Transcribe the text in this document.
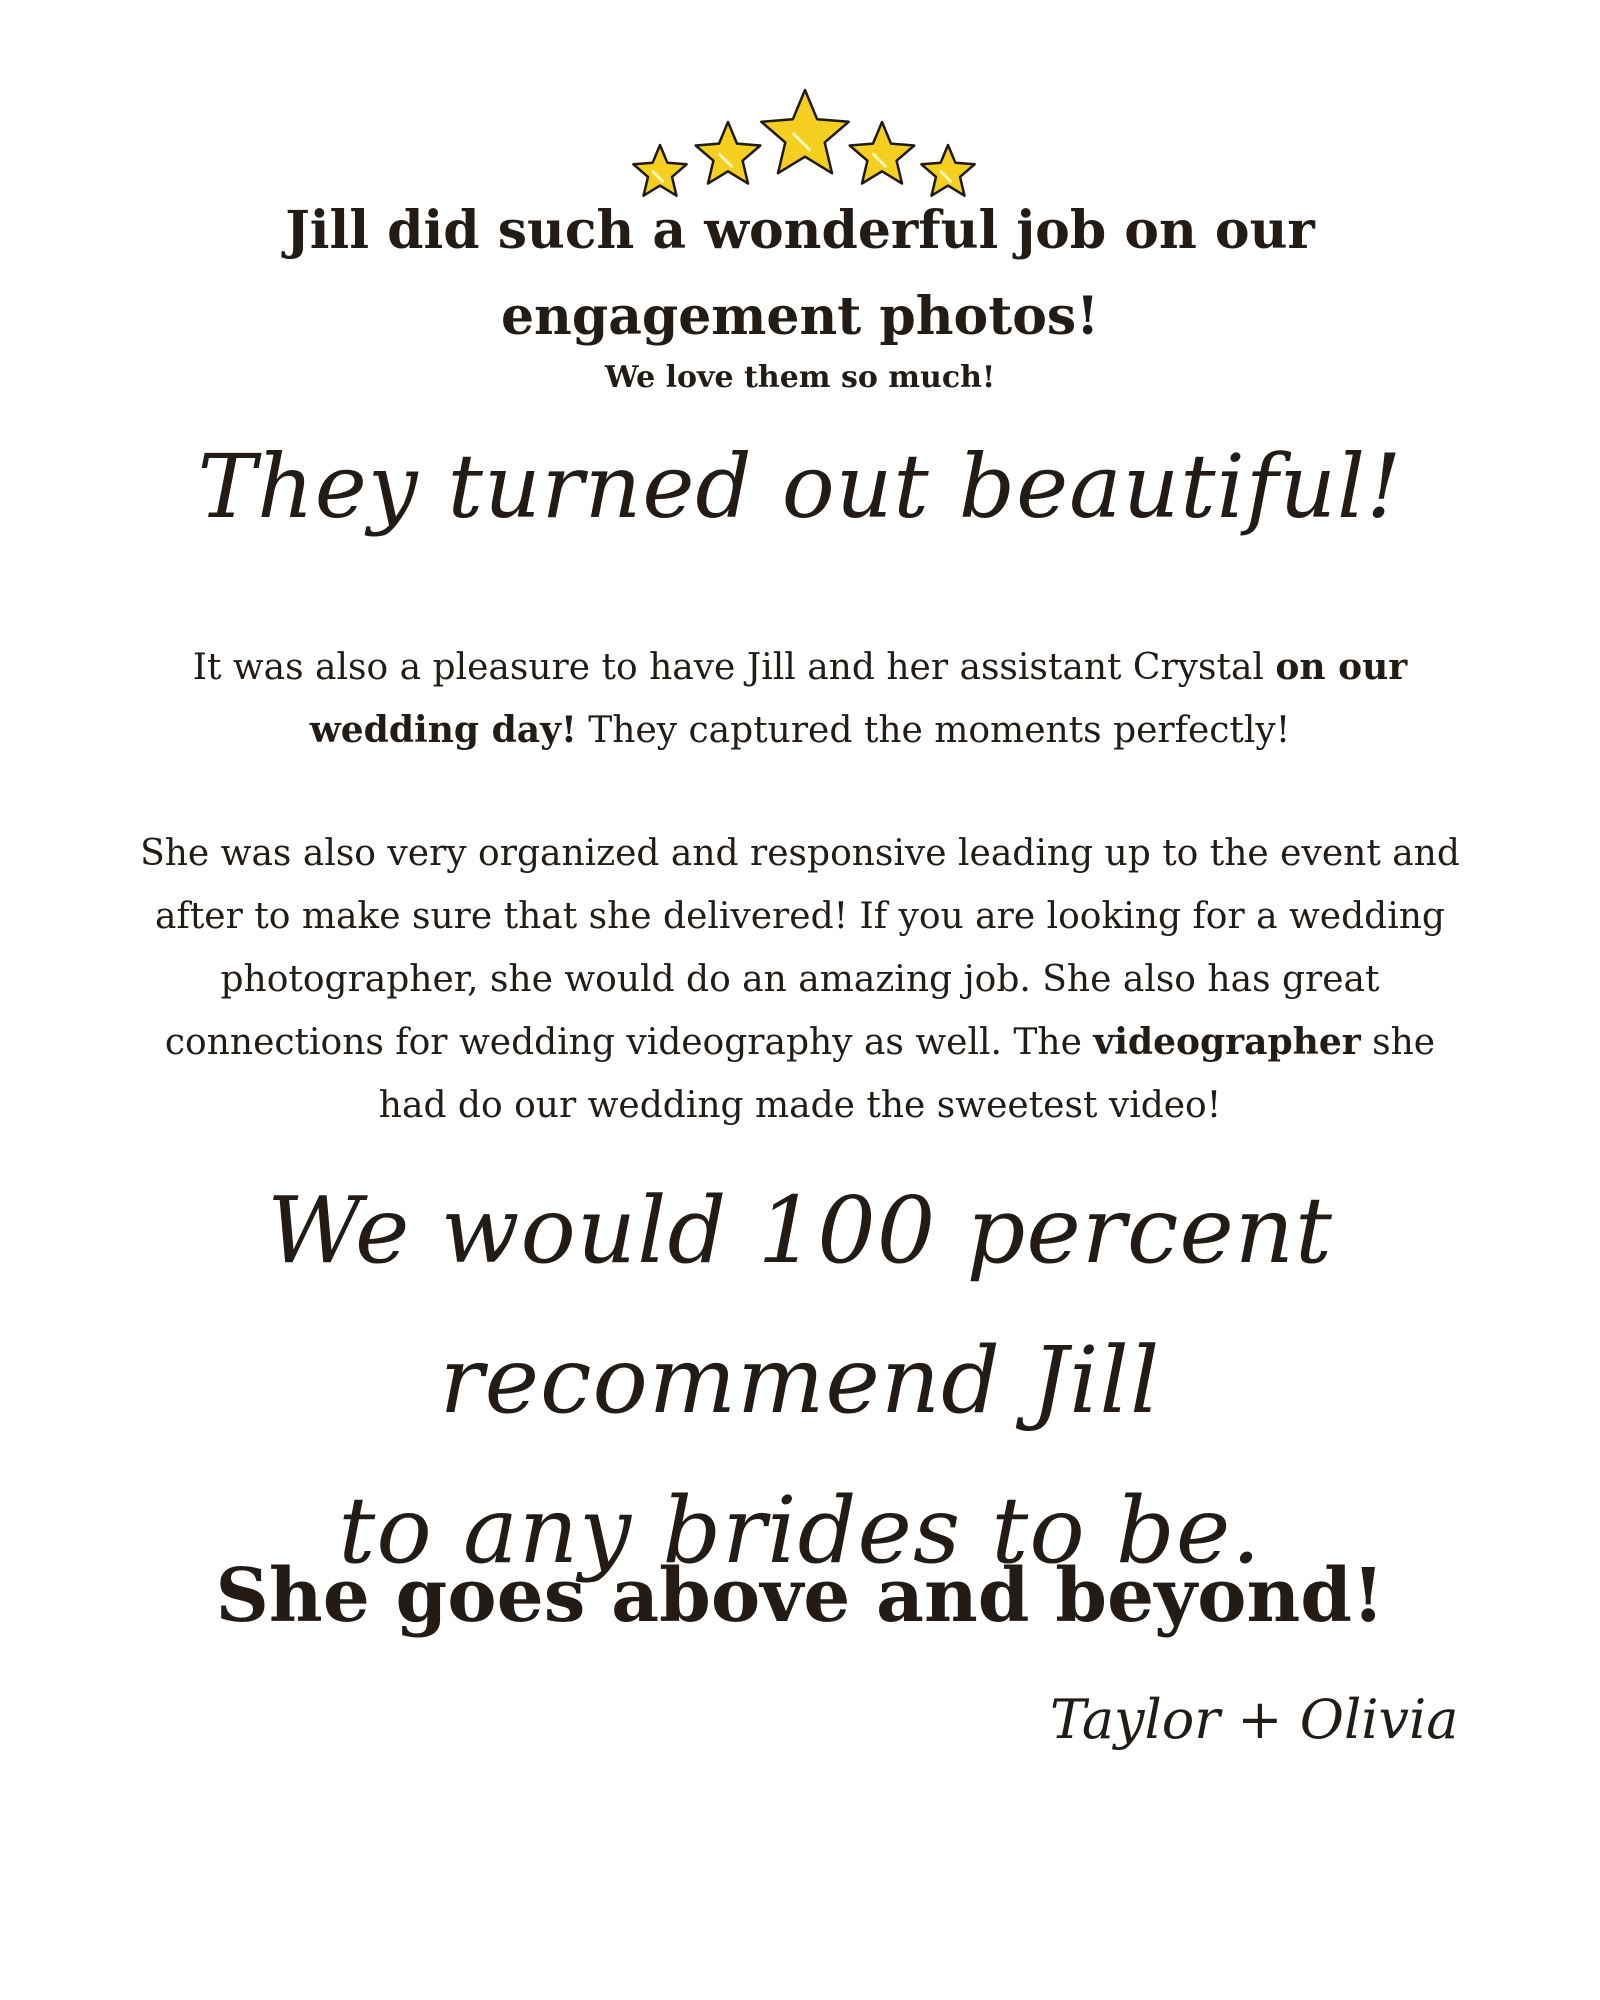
Jill did such a wonderful job on our
engagement photos!
We love them so much!
They turned out beautiful!

It was also a pleasure to have Jill and her assistant Crystal on our wedding day! They captured the moments perfectly!

She was also very organized and responsive leading up to the event and after to make sure that she delivered! If you are looking for a wedding photographer, she would do an amazing job. She also has great connections for wedding videography as well. The videographer she had do our wedding made the sweetest video!

We would 100 percent recommend Jill
to any brides to be.
She goes above and beyond!
Taylor + Olivia
